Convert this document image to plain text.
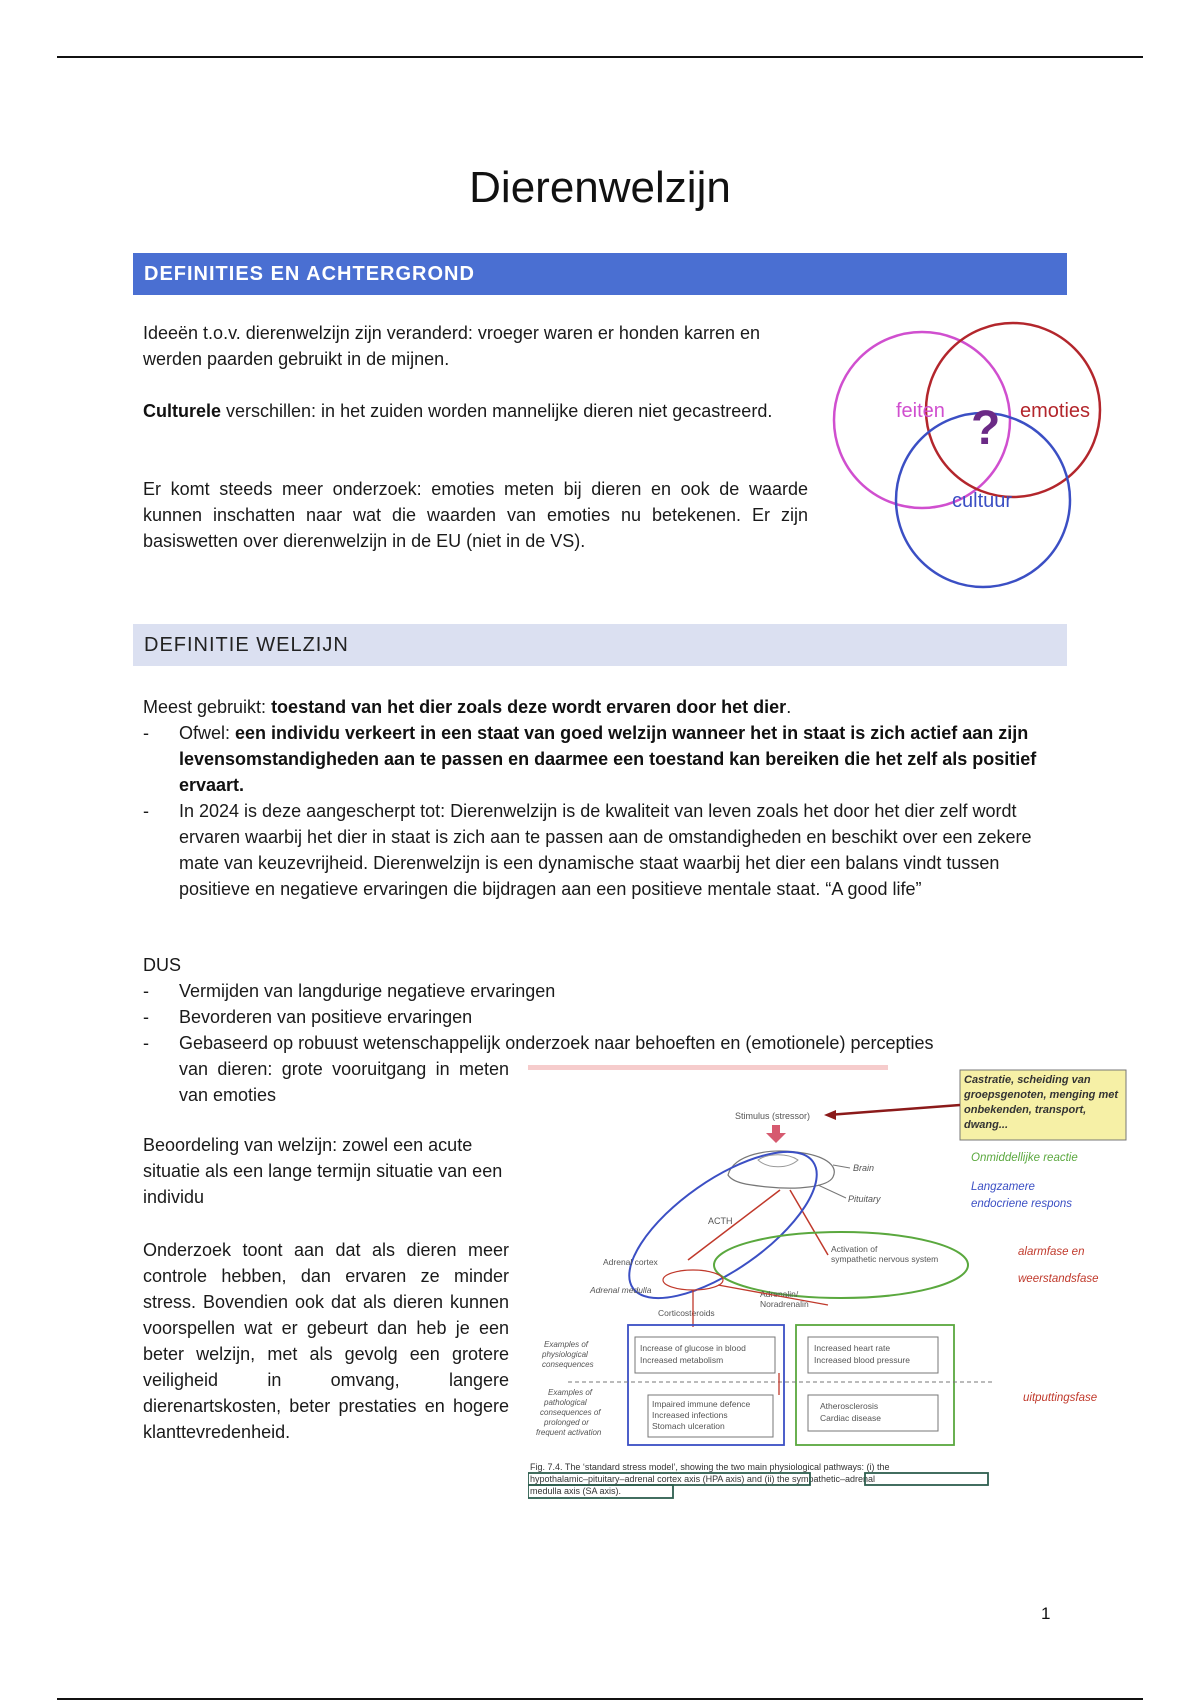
Dierenwelzijn
DEFINITIES EN ACHTERGROND

Ideeën t.o.v. dierenwelzijn zijn veranderd: vroeger waren er honden karren en werden paarden gebruikt in de mijnen.

Culturele verschillen: in het zuiden worden mannelijke dieren niet gecastreerd.

Er komt steeds meer onderzoek: emoties meten bij dieren en ook de waarde kunnen inschatten naar wat die waarden van emoties nu betekenen. Er zijn basiswetten over dierenwelzijn in de EU (niet in de VS).

feiten	emoties
cultuur
?
DEFINITIE WELZIJN

Meest gebruikt: toestand van het dier zoals deze wordt ervaren door het dier.

- Ofwel: een individu verkeert in een staat van goed welzijn wanneer het in staat is zich actief aan zijn levensomstandigheden aan te passen en daarmee een toestand kan bereiken die het zelf als positief ervaart.
- In 2024 is deze aangescherpt tot: Dierenwelzijn is de kwaliteit van leven zoals het door het dier zelf wordt ervaren waarbij het dier in staat is zich aan te passen aan de omstandigheden en beschikt over een zekere mate van keuzevrijheid. Dierenwelzijn is een dynamische staat waarbij het dier een balans vindt tussen positieve en negatieve ervaringen die bijdragen aan een positieve mentale staat. “A good life”

DUS

- Vermijden van langdurige negatieve ervaringen
- Bevorderen van positieve ervaringen
- Gebaseerd op robuust wetenschappelijk onderzoek naar behoeften en (emotionele) percepties

van dieren: grote vooruitgang in meten van emoties

Beoordeling van welzijn: zowel een acute situatie als een lange termijn situatie van een individu

Onderzoek toont aan dat als dieren meer controle hebben, dan ervaren ze minder stress. Bovendien ook dat als dieren kunnen voorspellen wat er gebeurt dan heb je een beter welzijn, met als gevolg een grotere veiligheid in omvang, langere dierenartskosten, beter prestaties en hogere klanttevredenheid.

Castratie, scheiding van groepsgenoten, menging met onbekenden, transport, dwang...
Stimulus (stressor)
Brain
Pituitary
ACTH
Activation of
sympathetic nervous system
Adrenal cortex
Adrenal medulla	Adrenalin/
Noradrenalin
Corticosteroids
Increase of glucose in blood
Increased metabolism
Increased heart rate
Increased blood pressure
Impaired immune defence
Increased infections
Stomach ulceration
Atherosclerosis
Cardiac disease
Examples of
physiological
consequences
Examples of
pathological
consequences of
prolonged or
frequent activation
Onmiddellijke reactie
Langzamere
endocriene respons
alarmfase en
weerstandsfase
uitputtingsfase
Fig. 7.4. The ‘standard stress model’, showing the two main physiological pathways: (i) the
hypothalamic–pituitary–adrenal cortex axis (HPA axis) and (ii) the sympathetic–adrenal
medulla axis (SA axis).
1
